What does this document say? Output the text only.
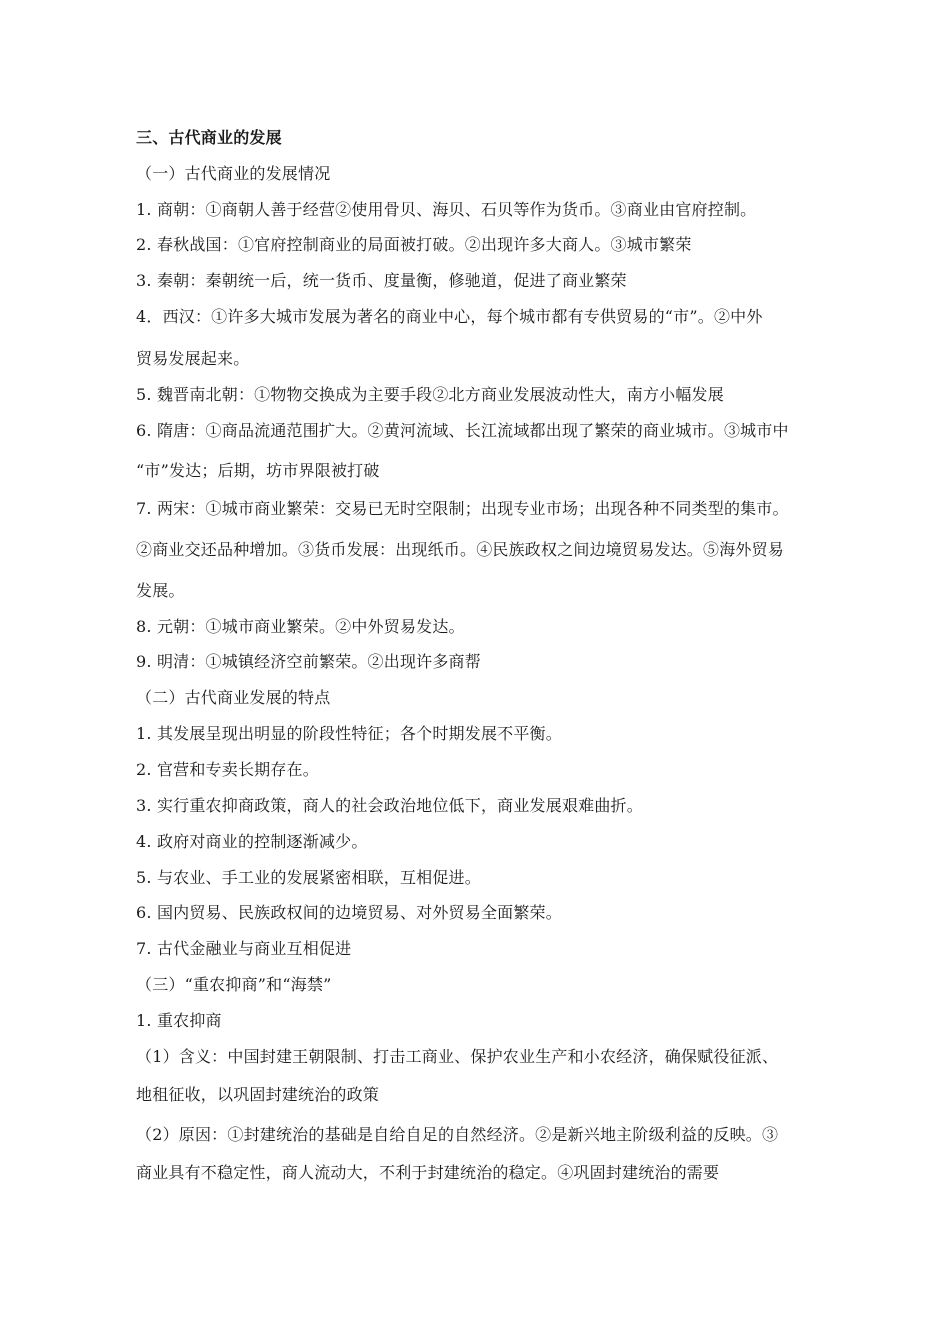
三、古代商业的发展
（一）古代商业的发展情况
1. 商朝：①商朝人善于经营②使用骨贝、海贝、石贝等作为货币。③商业由官府控制。
2. 春秋战国：①官府控制商业的局面被打破。②出现许多大商人。③城市繁荣
3. 秦朝：秦朝统一后，统一货币、度量衡，修驰道，促进了商业繁荣
4．西汉：①许多大城市发展为著名的商业中心，每个城市都有专供贸易的“市”。②中外
贸易发展起来。
5. 魏晋南北朝：①物物交换成为主要手段②北方商业发展波动性大，南方小幅发展
6. 隋唐：①商品流通范围扩大。②黄河流域、长江流域都出现了繁荣的商业城市。③城市中
“市”发达；后期，坊市界限被打破
7. 两宋：①城市商业繁荣：交易已无时空限制；出现专业市场；出现各种不同类型的集市。
②商业交还品种增加。③货币发展：出现纸币。④民族政权之间边境贸易发达。⑤海外贸易
发展。
8. 元朝：①城市商业繁荣。②中外贸易发达。
9. 明清：①城镇经济空前繁荣。②出现许多商帮
（二）古代商业发展的特点
1. 其发展呈现出明显的阶段性特征；各个时期发展不平衡。
2. 官营和专卖长期存在。
3. 实行重农抑商政策，商人的社会政治地位低下，商业发展艰难曲折。
4. 政府对商业的控制逐渐减少。
5. 与农业、手工业的发展紧密相联，互相促进。
6. 国内贸易、民族政权间的边境贸易、对外贸易全面繁荣。
7. 古代金融业与商业互相促进
（三）“重农抑商”和“海禁”
1. 重农抑商
（1）含义：中国封建王朝限制、打击工商业、保护农业生产和小农经济，确保赋役征派、
地租征收，以巩固封建统治的政策
（2）原因：①封建统治的基础是自给自足的自然经济。②是新兴地主阶级利益的反映。③
商业具有不稳定性，商人流动大，不利于封建统治的稳定。④巩固封建统治的需要
